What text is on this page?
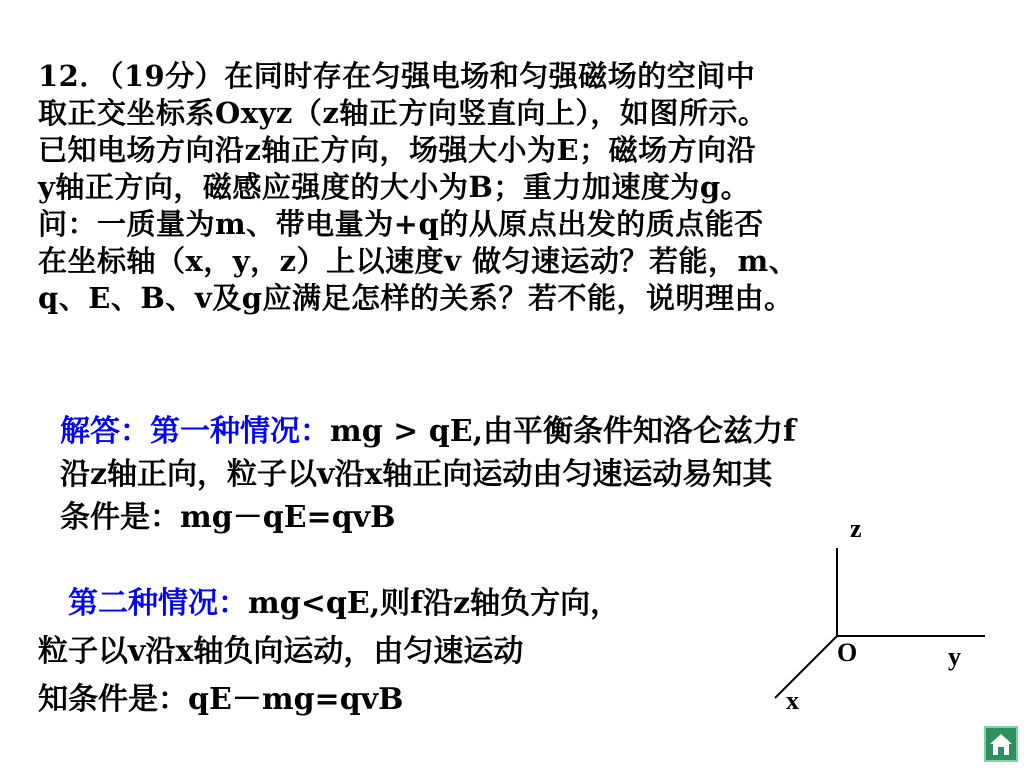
12．（19分）在同时存在匀强电场和匀强磁场的空间中
取正交坐标系Oxyz（z轴正方向竖直向上），如图所示。
已知电场方向沿z轴正方向，场强大小为E；磁场方向沿
y轴正方向，磁感应强度的大小为B；重力加速度为g。
问：一质量为m、带电量为+q的从原点出发的质点能否
在坐标轴（x，y，z）上以速度v 做匀速运动？若能，m、
q、E、B、v及g应满足怎样的关系？若不能，说明理由。
解答：第一种情况：mg > qE,由平衡条件知洛仑兹力f
沿z轴正向，粒子以v沿x轴正向运动由匀速运动易知其
条件是：mg－qE=qvB
第二种情况：mg<qE,则f沿z轴负方向，
粒子以v沿x轴负向运动，由匀速运动
知条件是：qE－mg=qvB
z
O	y
x
